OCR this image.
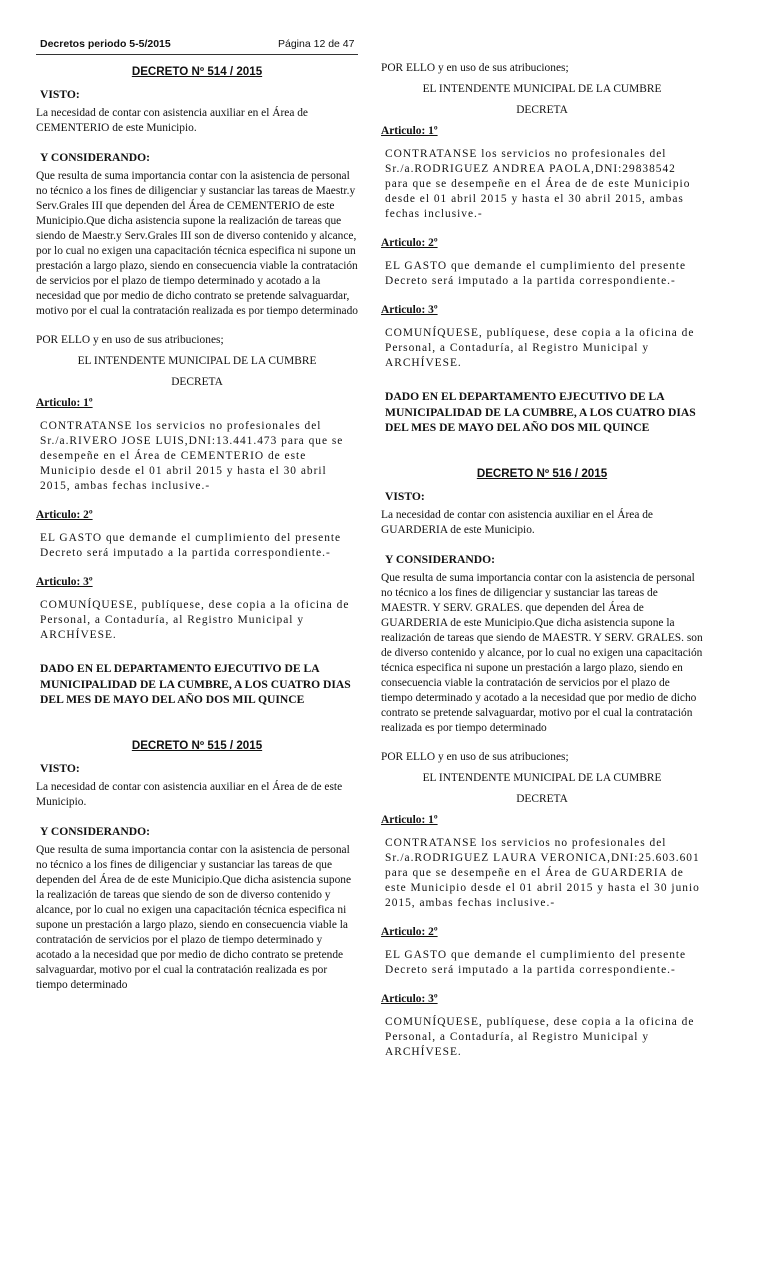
Decretos periodo 5-5/2015	Página 12 de 47
DECRETO Nº 514 / 2015
VISTO:
La necesidad de contar con asistencia auxiliar en el Área de CEMENTERIO de este Municipio.
Y CONSIDERANDO:
Que resulta de suma importancia contar con la asistencia de personal no técnico a los fines de diligenciar y sustanciar las tareas de Maestr.y Serv.Grales III que dependen del Área de CEMENTERIO de este Municipio.Que dicha asistencia supone la realización de tareas que siendo de Maestr.y Serv.Grales III son de diverso contenido y alcance, por lo cual no exigen una capacitación técnica especifica ni supone un prestación a largo plazo, siendo en consecuencia viable la contratación de servicios por el plazo de tiempo determinado y acotado a la necesidad que por medio de dicho contrato se pretende salvaguardar, motivo por el cual la contratación realizada es por tiempo determinado
POR ELLO y en uso de sus atribuciones;
EL INTENDENTE MUNICIPAL DE LA CUMBRE
DECRETA
Articulo: 1º
CONTRATANSE los servicios no profesionales del Sr./a.RIVERO JOSE LUIS,DNI:13.441.473 para que se desempeñe en el Área de CEMENTERIO de este Municipio desde el 01 abril 2015 y hasta el 30 abril 2015, ambas fechas inclusive.-
Articulo: 2º
EL GASTO que demande el cumplimiento del presente Decreto será imputado a la partida correspondiente.-
Articulo: 3º
COMUNÍQUESE, publíquese, dese copia a la oficina de Personal, a Contaduría, al Registro Municipal y ARCHÍVESE.
DADO EN EL DEPARTAMENTO EJECUTIVO DE LA MUNICIPALIDAD DE LA CUMBRE, A LOS CUATRO DIAS DEL MES DE MAYO DEL AÑO DOS MIL QUINCE
DECRETO Nº 515 / 2015
VISTO:
La necesidad de contar con asistencia auxiliar en el Área de de este Municipio.
Y CONSIDERANDO:
Que resulta de suma importancia contar con la asistencia de personal no técnico a los fines de diligenciar y sustanciar las tareas de que dependen del Área de de este Municipio.Que dicha asistencia supone la realización de tareas que siendo de son de diverso contenido y alcance, por lo cual no exigen una capacitación técnica especifica ni supone un prestación a largo plazo, siendo en consecuencia viable la contratación de servicios por el plazo de tiempo determinado y acotado a la necesidad que por medio de dicho contrato se pretende salvaguardar, motivo por el cual la contratación realizada es por tiempo determinado
POR ELLO y en uso de sus atribuciones;
EL INTENDENTE MUNICIPAL DE LA CUMBRE
DECRETA
Articulo: 1º
CONTRATANSE los servicios no profesionales del Sr./a.RODRIGUEZ ANDREA PAOLA,DNI:29838542 para que se desempeñe en el Área de de este Municipio desde el 01 abril 2015 y hasta el 30 abril 2015, ambas fechas inclusive.-
Articulo: 2º
EL GASTO que demande el cumplimiento del presente Decreto será imputado a la partida correspondiente.-
Articulo: 3º
COMUNÍQUESE, publíquese, dese copia a la oficina de Personal, a Contaduría, al Registro Municipal y ARCHÍVESE.
DADO EN EL DEPARTAMENTO EJECUTIVO DE LA MUNICIPALIDAD DE LA CUMBRE, A LOS CUATRO DIAS DEL MES DE MAYO DEL AÑO DOS MIL QUINCE
DECRETO Nº 516 / 2015
VISTO:
La necesidad de contar con asistencia auxiliar en el Área de GUARDERIA de este Municipio.
Y CONSIDERANDO:
Que resulta de suma importancia contar con la asistencia de personal no técnico a los fines de diligenciar y sustanciar las tareas de MAESTR. Y SERV. GRALES. que dependen del Área de GUARDERIA de este Municipio.Que dicha asistencia supone la realización de tareas que siendo de MAESTR. Y SERV. GRALES. son de diverso contenido y alcance, por lo cual no exigen una capacitación técnica especifica ni supone un prestación a largo plazo, siendo en consecuencia viable la contratación de servicios por el plazo de tiempo determinado y acotado a la necesidad que por medio de dicho contrato se pretende salvaguardar, motivo por el cual la contratación realizada es por tiempo determinado
POR ELLO y en uso de sus atribuciones;
EL INTENDENTE MUNICIPAL DE LA CUMBRE
DECRETA
Articulo: 1º
CONTRATANSE los servicios no profesionales del Sr./a.RODRIGUEZ LAURA VERONICA,DNI:25.603.601 para que se desempeñe en el Área de GUARDERIA de este Municipio desde el 01 abril 2015 y hasta el 30 junio 2015, ambas fechas inclusive.-
Articulo: 2º
EL GASTO que demande el cumplimiento del presente Decreto será imputado a la partida correspondiente.-
Articulo: 3º
COMUNÍQUESE, publíquese, dese copia a la oficina de Personal, a Contaduría, al Registro Municipal y ARCHÍVESE.
